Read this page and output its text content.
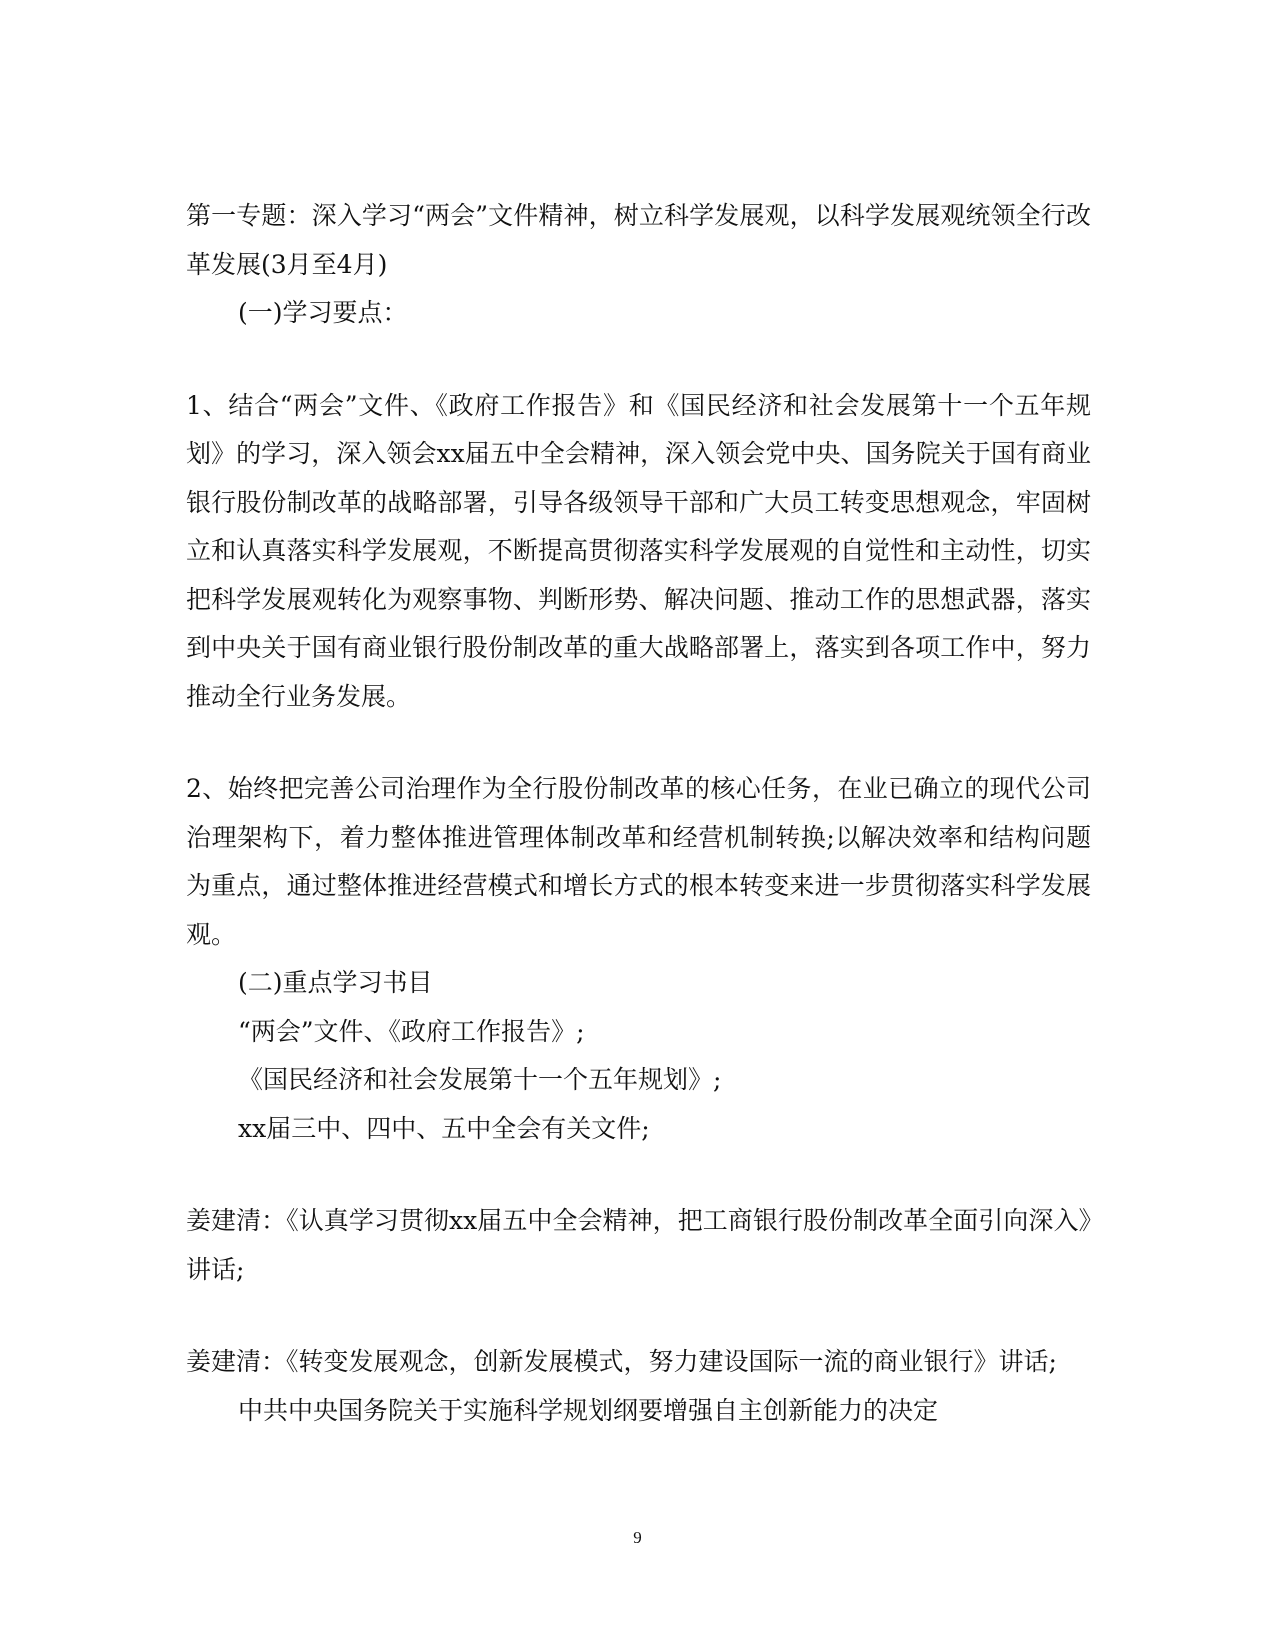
第一专题：深入学习“两会”文件精神，树立科学发展观，以科学发展观统领全行改革发展(3月至4月)

(一)学习要点：

1、结合“两会”文件、《政府工作报告》和《国民经济和社会发展第十一个五年规划》的学习，深入领会xx届五中全会精神，深入领会党中央、国务院关于国有商业银行股份制改革的战略部署，引导各级领导干部和广大员工转变思想观念，牢固树立和认真落实科学发展观，不断提高贯彻落实科学发展观的自觉性和主动性，切实把科学发展观转化为观察事物、判断形势、解决问题、推动工作的思想武器，落实到中央关于国有商业银行股份制改革的重大战略部署上，落实到各项工作中，努力推动全行业务发展。

2、始终把完善公司治理作为全行股份制改革的核心任务，在业已确立的现代公司治理架构下，着力整体推进管理体制改革和经营机制转换;以解决效率和结构问题为重点，通过整体推进经营模式和增长方式的根本转变来进一步贯彻落实科学发展观。

(二)重点学习书目

“两会”文件、《政府工作报告》;

《国民经济和社会发展第十一个五年规划》;

xx届三中、四中、五中全会有关文件;

姜建清：《认真学习贯彻xx届五中全会精神，把工商银行股份制改革全面引向深入》讲话;

姜建清：《转变发展观念，创新发展模式，努力建设国际一流的商业银行》讲话;

中共中央国务院关于实施科学规划纲要增强自主创新能力的决定

9
